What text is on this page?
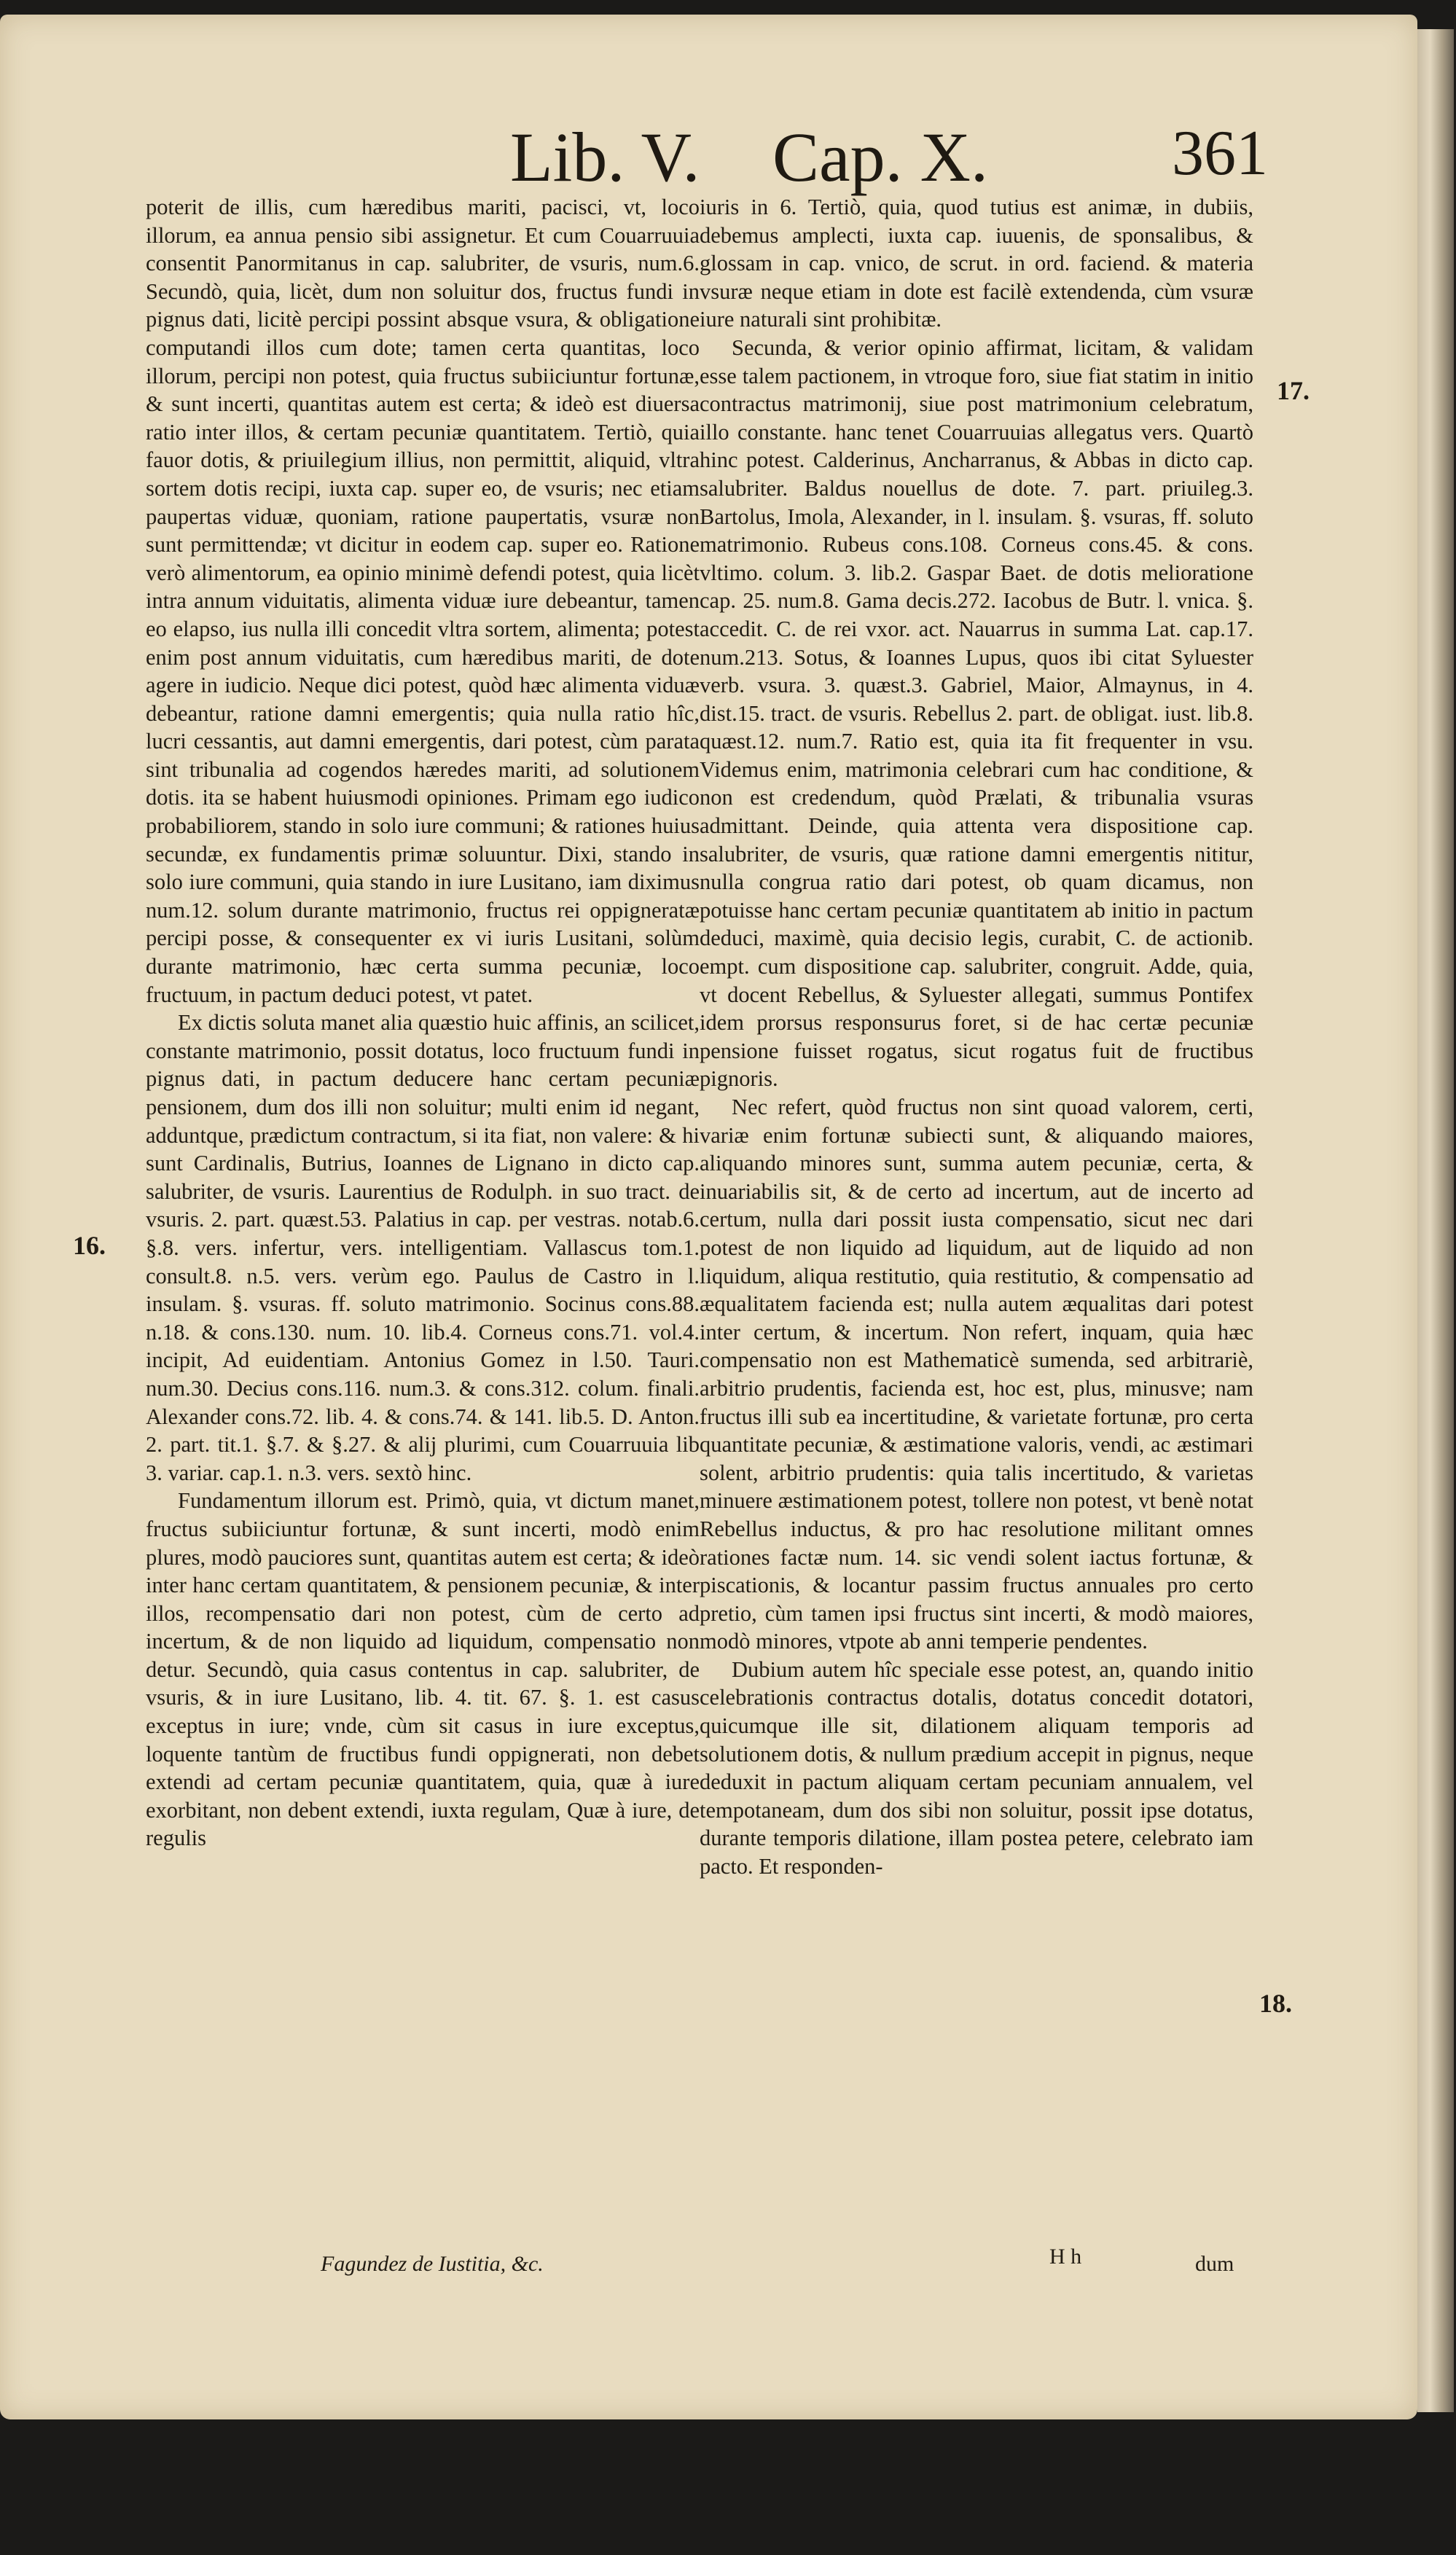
Lib. V. Cap. X.	361

poterit de illis, cum hæredibus mariti, pacisci, vt, loco illorum, ea annua pensio sibi assignetur. Et cum Couarruuia consentit Panormitanus in cap. salubriter, de vsuris, num.6. Secundò, quia, licèt, dum non soluitur dos, fructus fundi in pignus dati, licitè percipi possint absque vsura, & obligatione computandi illos cum dote; tamen certa quantitas, loco illorum, percipi non potest, quia fructus subiiciuntur fortunæ, & sunt incerti, quantitas autem est certa; & ideò est diuersa ratio inter illos, & certam pecuniæ quantitatem. Tertiò, quia fauor dotis, & priuilegium illius, non permittit, aliquid, vltra sortem dotis recipi, iuxta cap. super eo, de vsuris; nec etiam paupertas viduæ, quoniam, ratione paupertatis, vsuræ non sunt permittendæ; vt dicitur in eodem cap. super eo. Ratione verò alimentorum, ea opinio minimè defendi potest, quia licèt intra annum viduitatis, alimenta viduæ iure debeantur, tamen eo elapso, ius nulla illi concedit vltra sortem, alimenta; potest enim post annum viduitatis, cum hæredibus mariti, de dote agere in iudicio. Neque dici potest, quòd hæc alimenta viduæ debeantur, ratione damni emergentis; quia nulla ratio hîc, lucri cessantis, aut damni emergentis, dari potest, cùm parata sint tribunalia ad cogendos hæredes mariti, ad solutionem dotis. ita se habent huiusmodi opiniones. Primam ego iudico probabiliorem, stando in solo iure communi; & rationes huius secundæ, ex fundamentis primæ soluuntur. Dixi, stando in solo iure communi, quia stando in iure Lusitano, iam diximus num.12. solum durante matrimonio, fructus rei oppigneratæ percipi posse, & consequenter ex vi iuris Lusitani, solùm durante matrimonio, hæc certa summa pecuniæ, loco fructuum, in pactum deduci potest, vt patet.

Ex dictis soluta manet alia quæstio huic affinis, an scilicet, constante matrimonio, possit dotatus, loco fructuum fundi in pignus dati, in pactum deducere hanc certam pecuniæ pensionem, dum dos illi non soluitur; multi enim id negant, adduntque, prædictum contractum, si ita fiat, non valere: & hi sunt Cardinalis, Butrius, Ioannes de Lignano in dicto cap. salubriter, de vsuris. Laurentius de Rodulph. in suo tract. de vsuris. 2. part. quæst.53. Palatius in cap. per vestras. notab.6. §.8. vers. infertur, vers. intelligentiam. Vallascus tom.1. consult.8. n.5. vers. verùm ego. Paulus de Castro in l. insulam. §. vsuras. ff. soluto matrimonio. Socinus cons.88. n.18. & cons.130. num. 10. lib.4. Corneus cons.71. vol.4. incipit, Ad euidentiam. Antonius Gomez in l.50. Tauri. num.30. Decius cons.116. num.3. & cons.312. colum. finali. Alexander cons.72. lib. 4. & cons.74. & 141. lib.5. D. Anton. 2. part. tit.1. §.7. & §.27. & alij plurimi, cum Couarruuia lib 3. variar. cap.1. n.3. vers. sextò hinc.

Fundamentum illorum est. Primò, quia, vt dictum manet, fructus subiiciuntur fortunæ, & sunt incerti, modò enim plures, modò pauciores sunt, quantitas autem est certa; & ideò inter hanc certam quantitatem, & pensionem pecuniæ, & inter illos, recompensatio dari non potest, cùm de certo ad incertum, & de non liquido ad liquidum, compensatio non detur. Secundò, quia casus contentus in cap. salubriter, de vsuris, & in iure Lusitano, lib. 4. tit. 67. §. 1. est casus exceptus in iure; vnde, cùm sit casus in iure exceptus, loquente tantùm de fructibus fundi oppignerati, non debet extendi ad certam pecuniæ quantitatem, quia, quæ à iure exorbitant, non debent extendi, iuxta regulam, Quæ à iure, de regulis

iuris in 6. Tertiò, quia, quod tutius est animæ, in dubiis, debemus amplecti, iuxta cap. iuuenis, de sponsalibus, & glossam in cap. vnico, de scrut. in ord. faciend. & materia vsuræ neque etiam in dote est facilè extendenda, cùm vsuræ iure naturali sint prohibitæ.

Secunda, & verior opinio affirmat, licitam, & validam esse talem pactionem, in vtroque foro, siue fiat statim in initio contractus matrimonij, siue post matrimonium celebratum, illo constante. hanc tenet Couarruuias allegatus vers. Quartò hinc potest. Calderinus, Ancharranus, & Abbas in dicto cap. salubriter. Baldus nouellus de dote. 7. part. priuileg.3. Bartolus, Imola, Alexander, in l. insulam. §. vsuras, ff. soluto matrimonio. Rubeus cons.108. Corneus cons.45. & cons. vltimo. colum. 3. lib.2. Gaspar Baet. de dotis melioratione cap. 25. num.8. Gama decis.272. Iacobus de Butr. l. vnica. §. accedit. C. de rei vxor. act. Nauarrus in summa Lat. cap.17. num.213. Sotus, & Ioannes Lupus, quos ibi citat Syluester verb. vsura. 3. quæst.3. Gabriel, Maior, Almaynus, in 4. dist.15. tract. de vsuris. Rebellus 2. part. de obligat. iust. lib.8. quæst.12. num.7. Ratio est, quia ita fit frequenter in vsu. Videmus enim, matrimonia celebrari cum hac conditione, & non est credendum, quòd Prælati, & tribunalia vsuras admittant. Deinde, quia attenta vera dispositione cap. salubriter, de vsuris, quæ ratione damni emergentis nititur, nulla congrua ratio dari potest, ob quam dicamus, non potuisse hanc certam pecuniæ quantitatem ab initio in pactum deduci, maximè, quia decisio legis, curabit, C. de actionib. empt. cum dispositione cap. salubriter, congruit. Adde, quia, vt docent Rebellus, & Syluester allegati, summus Pontifex idem prorsus responsurus foret, si de hac certæ pecuniæ pensione fuisset rogatus, sicut rogatus fuit de fructibus pignoris.

Nec refert, quòd fructus non sint quoad valorem, certi, variæ enim fortunæ subiecti sunt, & aliquando maiores, aliquando minores sunt, summa autem pecuniæ, certa, & inuariabilis sit, & de certo ad incertum, aut de incerto ad certum, nulla dari possit iusta compensatio, sicut nec dari potest de non liquido ad liquidum, aut de liquido ad non liquidum, aliqua restitutio, quia restitutio, & compensatio ad æqualitatem facienda est; nulla autem æqualitas dari potest inter certum, & incertum. Non refert, inquam, quia hæc compensatio non est Mathematicè sumenda, sed arbitrariè, arbitrio prudentis, facienda est, hoc est, plus, minusve; nam fructus illi sub ea incertitudine, & varietate fortunæ, pro certa quantitate pecuniæ, & æstimatione valoris, vendi, ac æstimari solent, arbitrio prudentis: quia talis incertitudo, & varietas minuere æstimationem potest, tollere non potest, vt benè notat Rebellus inductus, & pro hac resolutione militant omnes rationes factæ num. 14. sic vendi solent iactus fortunæ, & piscationis, & locantur passim fructus annuales pro certo pretio, cùm tamen ipsi fructus sint incerti, & modò maiores, modò minores, vtpote ab anni temperie pendentes.

Dubium autem hîc speciale esse potest, an, quando initio celebrationis contractus dotalis, dotatus concedit dotatori, quicumque ille sit, dilationem aliquam temporis ad solutionem dotis, & nullum prædium accepit in pignus, neque deduxit in pactum aliquam certam pecuniam annualem, vel tempotaneam, dum dos sibi non soluitur, possit ipse dotatus, durante temporis dilatione, illam postea petere, celebrato iam pacto. Et responden-

16.
17.
18.
Fagundez de Iustitia, &c.	H h	dum
